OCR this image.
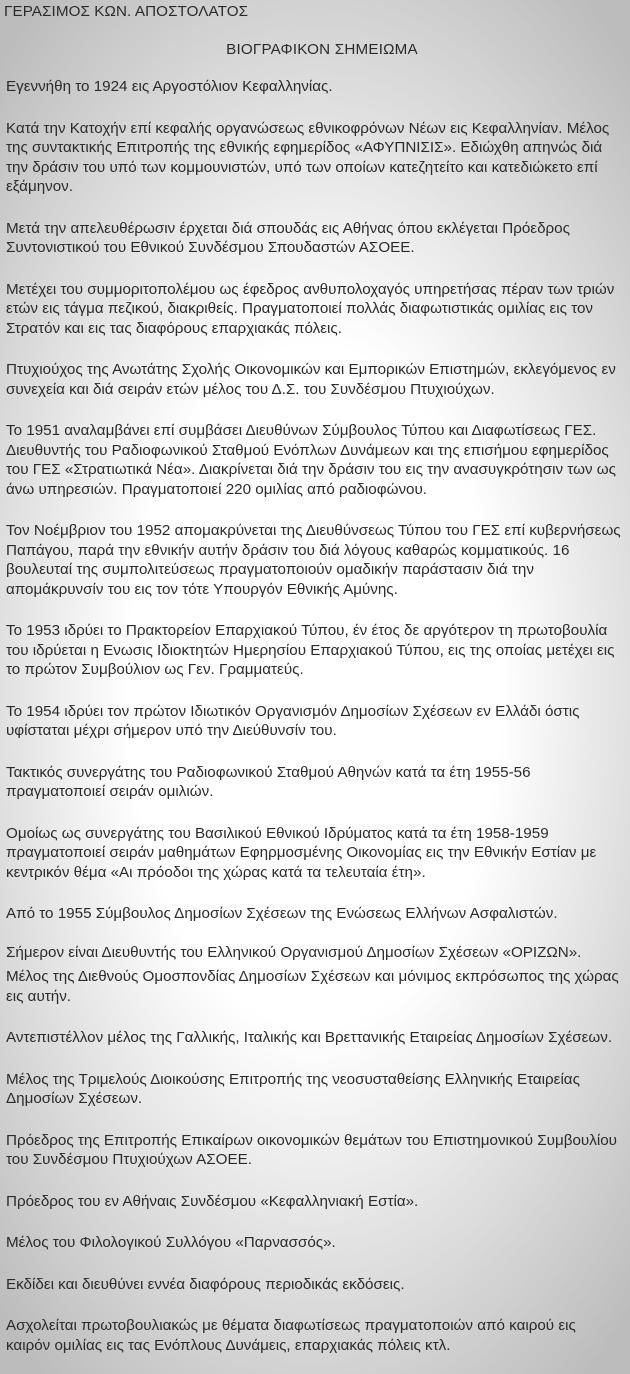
ΓΕΡΑΣΙΜΟΣ ΚΩΝ. ΑΠΟΣΤΟΛΑΤΟΣ

ΒΙΟΓΡΑΦΙΚΟΝ ΣΗΜΕΙΩΜΑ

Εγεννήθη το 1924 εις Αργοστόλιον Κεφαλληνίας.

Κατά την Κατοχήν επί κεφαλής οργανώσεως εθνικοφρόνων Νέων εις Κεφαλληνίαν. Μέλος της συντακτικής Επιτροπής της εθνικής εφημερίδος «ΑΦΥΠΝΙΣΙΣ». Εδιώχθη απηνώς διά την δράσιν του υπό των κομμουνιστών, υπό των οποίων κατεζητείτο και κατεδιώκετο επί εξάμηνον.

Μετά την απελευθέρωσιν έρχεται διά σπουδάς εις Αθήνας όπου εκλέγεται Πρόεδρος Συντονιστικού του Εθνικού Συνδέσμου Σπουδαστών ΑΣΟΕΕ.

Μετέχει του συμμοριτοπολέμου ως έφεδρος ανθυπολοχαγός υπηρετήσας πέραν των τριών ετών εις τάγμα πεζικού, διακριθείς. Πραγματοποιεί πολλάς διαφωτιστικάς ομιλίας εις τον Στρατόν και εις τας διαφόρους επαρχιακάς πόλεις.

Πτυχιούχος της Ανωτάτης Σχολής Οικονομικών και Εμπορικών Επιστημών, εκλεγόμενος εν συνεχεία και διά σειράν ετών μέλος του Δ.Σ. του Συνδέσμου Πτυχιούχων.

Το 1951 αναλαμβάνει επί συμβάσει Διευθύνων Σύμβουλος Τύπου και Διαφωτίσεως ΓΕΣ. Διευθυντής του Ραδιοφωνικού Σταθμού Ενόπλων Δυνάμεων και της επισήμου εφημερίδος του ΓΕΣ «Στρατιωτικά Νέα». Διακρίνεται διά την δράσιν του εις την ανασυγκρότησιν των ως άνω υπηρεσιών. Πραγματοποιεί 220 ομιλίας από ραδιοφώνου.

Τον Νοέμβριον του 1952 απομακρύνεται της Διευθύνσεως Τύπου του ΓΕΣ επί κυβερνήσεως Παπάγου, παρά την εθνικήν αυτήν δράσιν του διά λόγους καθαρώς κομματικούς. 16 βουλευταί της συμπολιτεύσεως πραγματοποιούν ομαδικήν παράστασιν διά την απομάκρυνσίν του εις τον τότε Υπουργόν Εθνικής Αμύνης.

Το 1953 ιδρύει το Πρακτορείον Επαρχιακού Τύπου, έν έτος δε αργότερον τη πρωτοβουλία του ιδρύεται η Ενωσις Ιδιοκτητών Ημερησίου Επαρχιακού Τύπου, εις της οποίας μετέχει εις το πρώτον Συμβούλιον ως Γεν. Γραμματεύς.

Το 1954 ιδρύει τον πρώτον Ιδιωτικόν Οργανισμόν Δημοσίων Σχέσεων εν Ελλάδι όστις υφίσταται μέχρι σήμερον υπό την Διεύθυνσίν του.

Τακτικός συνεργάτης του Ραδιοφωνικού Σταθμού Αθηνών κατά τα έτη 1955-56 πραγματοποιεί σειράν ομιλιών.

Ομοίως ως συνεργάτης του Βασιλικού Εθνικού Ιδρύματος κατά τα έτη 1958-1959 πραγματοποιεί σειράν μαθημάτων Εφηρμοσμένης Οικονομίας εις την Εθνικήν Εστίαν με κεντρικόν θέμα «Αι πρόοδοι της χώρας κατά τα τελευταία έτη».

Από το 1955 Σύμβουλος Δημοσίων Σχέσεων της Ενώσεως Ελλήνων Ασφαλιστών.

Σήμερον είναι Διευθυντής του Ελληνικού Οργανισμού Δημοσίων Σχέσεων «ΟΡΙΖΩΝ».

Μέλος της Διεθνούς Ομοσπονδίας Δημοσίων Σχέσεων και μόνιμος εκπρόσωπος της χώρας εις αυτήν.

Αντεπιστέλλον μέλος της Γαλλικής, Ιταλικής και Βρεττανικής Εταιρείας Δημοσίων Σχέσεων.

Μέλος της Τριμελούς Διοικούσης Επιτροπής της νεοσυσταθείσης Ελληνικής Εταιρείας Δημοσίων Σχέσεων.

Πρόεδρος της Επιτροπής Επικαίρων οικονομικών θεμάτων του Επιστημονικού Συμβουλίου του Συνδέσμου Πτυχιούχων ΑΣΟΕΕ.

Πρόεδρος του εν Αθήναις Συνδέσμου «Κεφαλληνιακή Εστία».

Μέλος του Φιλολογικού Συλλόγου «Παρνασσός».

Εκδίδει και διευθύνει εννέα διαφόρους περιοδικάς εκδόσεις.

Ασχολείται πρωτοβουλιακώς με θέματα διαφωτίσεως πραγματοποιών από καιρού εις καιρόν ομιλίας εις τας Ενόπλους Δυνάμεις, επαρχιακάς πόλεις κτλ.
